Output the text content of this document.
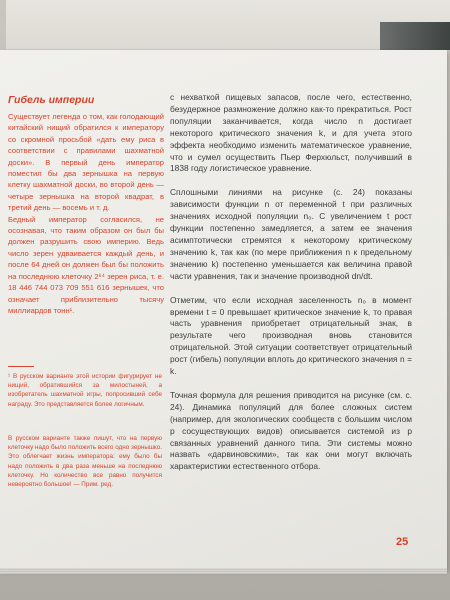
Гибель империи

Существует легенда о том, как голодающий китайский нищий обратился к императору со скромной просьбой «дать ему риса в соответствии с правилами шахматной доски». В первый день император поместил бы два зернышка на первую клетку шахматной доски, во второй день — четыре зернышка на второй квадрат, в третий день — восемь и т. д.

Бедный император согласился, не осознавая, что таким образом он был бы должен разрушить свою империю. Ведь число зерен удваивается каждый день, и после 64 дней он должен был бы положить на последнюю клеточку 2⁶⁴ зерен риса, т. е. 18 446 744 073 709 551 616 зернышек, что означает приблизительно тысячу миллиардов тонн¹.

¹ В русском варианте этой истории фигурирует не нищий, обратившийся за милостыней, а изобретатель шахматной игры, попросивший себе награду. Это представляется более логичным.
В русском варианте также пишут, что на первую клеточку надо было положить всего одно зернышко. Это облегчает жизнь императора: ему было бы надо положить в два раза меньше на последнюю клеточку. Но количество все равно получится невероятно большое! — Прим. ред.

с нехваткой пищевых запасов, после чего, естественно, безудержное размножение должно как-то прекратиться. Рост популяции заканчивается, когда число n достигает некоторого критического значения k, и для учета этого эффекта необходимо изменить математическое уравнение, что и сумел осуществить Пьер Ферхюльст, получивший в 1838 году логистическое уравнение.

Сплошными линиями на рисунке (с. 24) показаны зависимости функции n от переменной t при различных значениях исходной популяции n₀. С увеличением t рост функции постепенно замедляется, а затем ее значения асимптотически стремятся к некоторому критическому значению k, так как (по мере приближения n к предельному значению k) постепенно уменьшается как величина правой части уравнения, так и значение производной dn/dt.

Отметим, что если исходная заселенность n₀ в момент времени t = 0 превышает критическое значение k, то правая часть уравнения приобретает отрицательный знак, в результате чего производная вновь становится отрицательной. Этой ситуации соответствует отрицательный рост (гибель) популяции вплоть до критического значения n = k.

Точная формула для решения приводится на рисунке (см. с. 24). Динамика популяций для более сложных систем (например, для экологических сообществ с большим числом p сосуществующих видов) описывается системой из p связанных уравнений данного типа. Эти системы можно назвать «дарвиновскими», так как они могут включать характеристики естественного отбора.

25
